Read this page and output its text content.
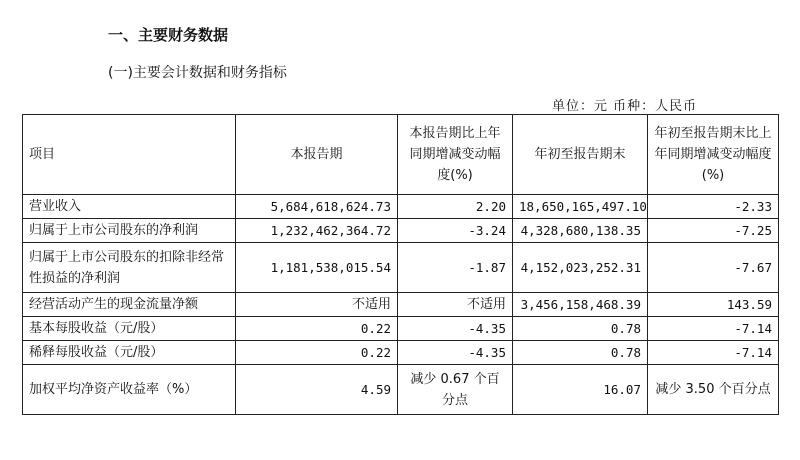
一、主要财务数据
(一)主要会计数据和财务指标
单位：元 币种：人民币
项目	本报告期	本报告期比上年同期增减变动幅度(%)	年初至报告期末	年初至报告期末比上年同期增减变动幅度(%)
营业收入	5,684,618,624.73	2.20	18,650,165,497.10	-2.33
归属于上市公司股东的净利润	1,232,462,364.72	-3.24	4,328,680,138.35	-7.25
归属于上市公司股东的扣除非经常性损益的净利润	1,181,538,015.54	-1.87	4,152,023,252.31	-7.67
经营活动产生的现金流量净额	不适用	不适用	3,456,158,468.39	143.59
基本每股收益（元/股）	0.22	-4.35	0.78	-7.14
稀释每股收益（元/股）	0.22	-4.35	0.78	-7.14
加权平均净资产收益率（%）	4.59	减少 0.67 个百分点	16.07	减少 3.50 个百分点
